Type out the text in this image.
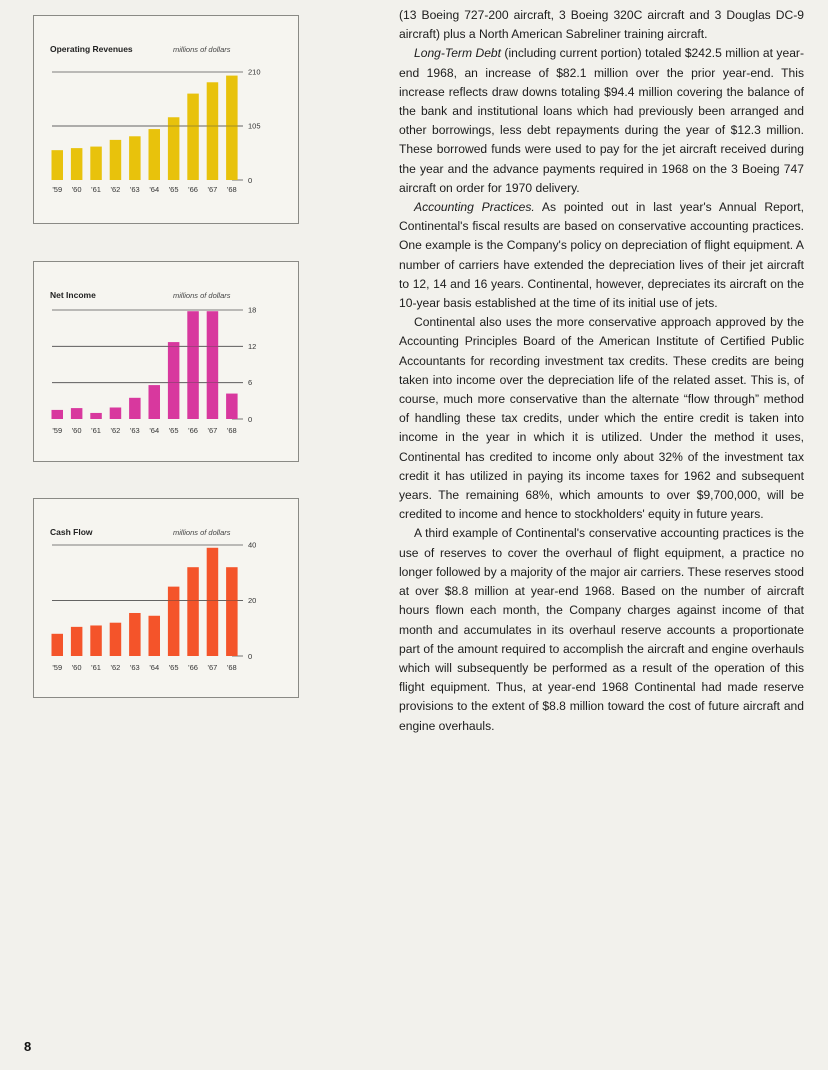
Operating Revenues	millions of dollars
0
105
210
'59 '60 '61 '62 '63 '64 '65 '66 '67 '68
Net Income	millions of dollars
0
6
12
18
'59 '60 '61 '62 '63 '64 '65 '66 '67 '68
Cash Flow	millions of dollars
0
20
40
'59 '60 '61 '62 '63 '64 '65 '66 '67 '68

(13 Boeing 727-200 aircraft, 3 Boeing 320C aircraft and 3 Douglas DC-9 aircraft) plus a North American Sabreliner training aircraft.

Long-Term Debt (including current portion) totaled $242.5 million at year-end 1968, an increase of $82.1 million over the prior year-end. This increase reflects draw downs totaling $94.4 million covering the balance of the bank and institutional loans which had previously been arranged and other borrowings, less debt repayments during the year of $12.3 million. These borrowed funds were used to pay for the jet aircraft received during the year and the advance payments required in 1968 on the 3 Boeing 747 aircraft on order for 1970 delivery.

Accounting Practices. As pointed out in last year's Annual Report, Continental's fiscal results are based on conservative accounting practices. One example is the Company's policy on depreciation of flight equipment. A number of carriers have extended the depreciation lives of their jet aircraft to 12, 14 and 16 years. Continental, however, depreciates its aircraft on the 10-year basis established at the time of its initial use of jets.

Continental also uses the more conservative approach approved by the Accounting Principles Board of the American Institute of Certified Public Accountants for recording investment tax credits. These credits are being taken into income over the depreciation life of the related asset. This is, of course, much more conservative than the alternate “flow through” method of handling these tax credits, under which the entire credit is taken into income in the year in which it is utilized. Under the method it uses, Continental has credited to income only about 32% of the investment tax credit it has utilized in paying its income taxes for 1962 and subsequent years. The remaining 68%, which amounts to over $9,700,000, will be credited to income and hence to stockholders' equity in future years.

A third example of Continental's conservative accounting practices is the use of reserves to cover the overhaul of flight equipment, a practice no longer followed by a majority of the major air carriers. These reserves stood at over $8.8 million at year-end 1968. Based on the number of aircraft hours flown each month, the Company charges against income of that month and accumulates in its overhaul reserve accounts a proportionate part of the amount required to accomplish the aircraft and engine overhauls which will subsequently be performed as a result of the operation of this flight equipment. Thus, at year-end 1968 Continental had made reserve provisions to the extent of $8.8 million toward the cost of future aircraft and engine overhauls.

8
